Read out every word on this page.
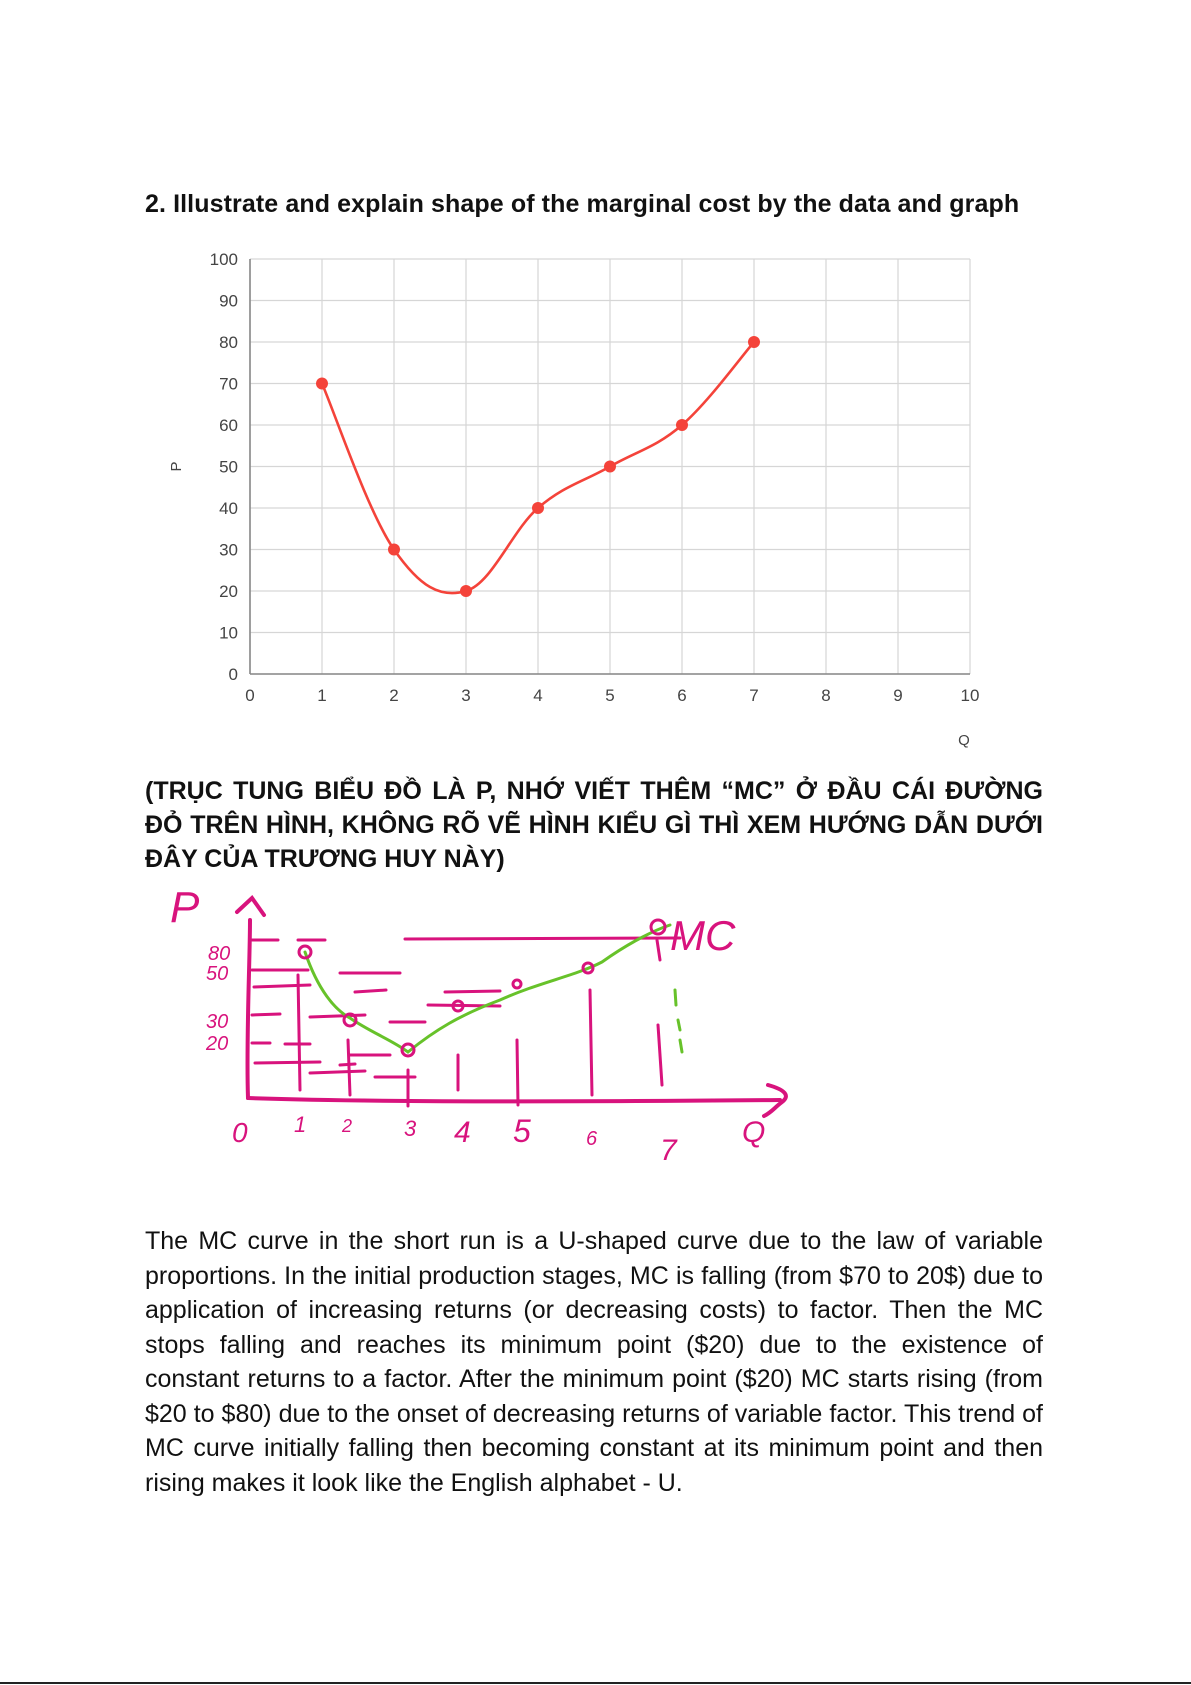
2. Illustrate and explain shape of the marginal cost by the data and graph
0
10
20
30
40
50
60
70
80
90
100
0	1	2	3	4	5	6	7	8	9	10
P
Q

(TRỤC TUNG BIỂU ĐỒ LÀ P, NHỚ VIẾT THÊM “MC” Ở ĐẦU CÁI ĐƯỜNG ĐỎ TRÊN HÌNH, KHÔNG RÕ VẼ HÌNH KIỂU GÌ THÌ XEM HƯỚNG DẪN DƯỚI ĐÂY CỦA TRƯƠNG HUY NÀY)

P
0	Q
MC
80
50
30
20
1 2 3 4 5	6 7

The MC curve in the short run is a U-shaped curve due to the law of variable proportions. In the initial production stages, MC is falling (from $70 to 20$) due to application of increasing returns (or decreasing costs) to factor. Then the MC stops falling and reaches its minimum point ($20) due to the existence of constant returns to a factor. After the minimum point ($20) MC starts rising (from $20 to $80) due to the onset of decreasing returns of variable factor. This trend of MC curve initially falling then becoming constant at its minimum point and then rising makes it look like the English alphabet - U.
